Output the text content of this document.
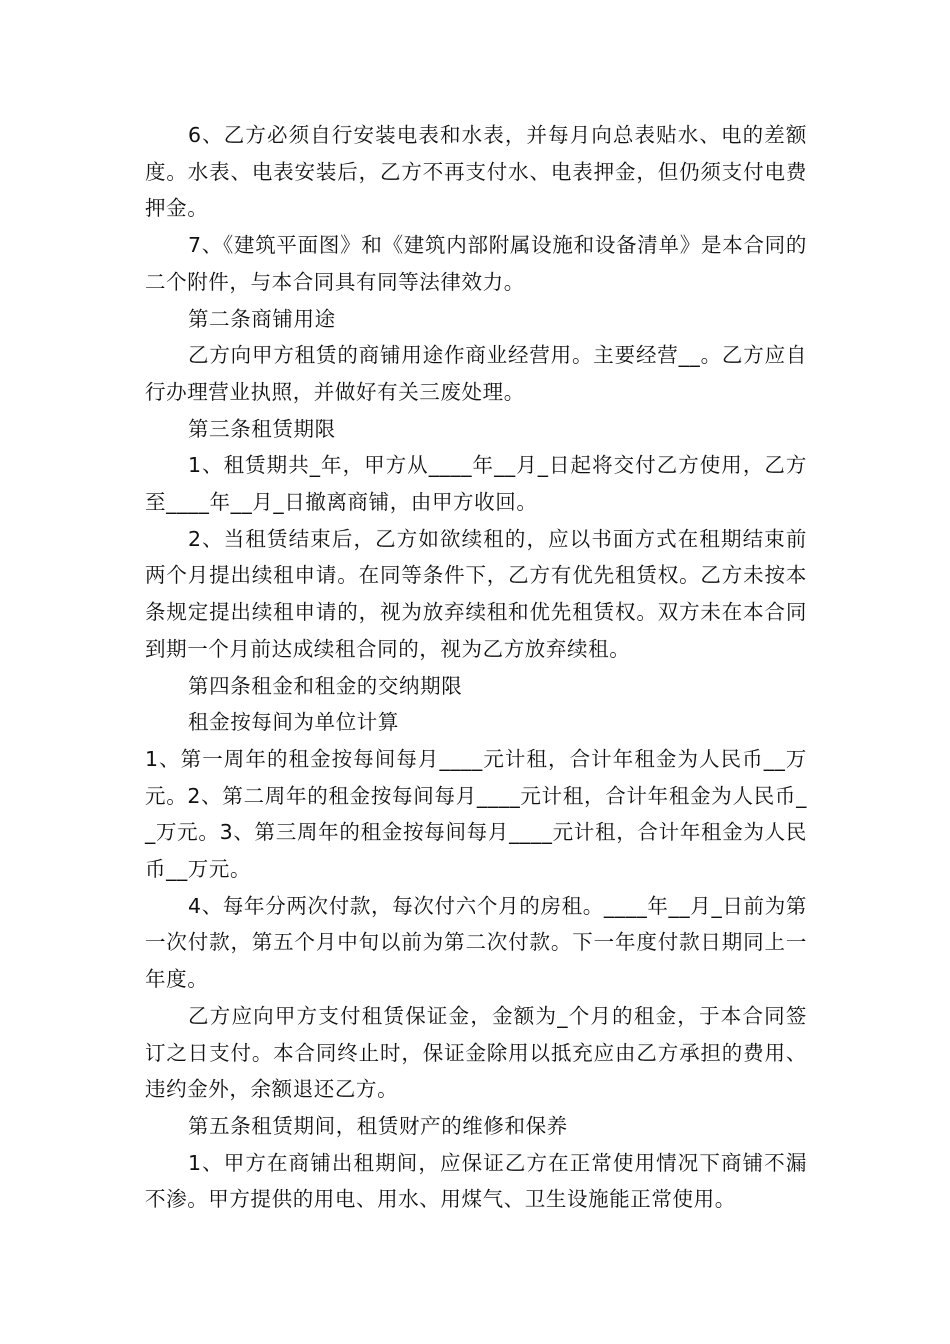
6、乙方必须自行安装电表和水表，并每月向总表贴水、电的差额度。水表、电表安装后，乙方不再支付水、电表押金，但仍须支付电费押金。

7、《建筑平面图》和《建筑内部附属设施和设备清单》是本合同的二个附件，与本合同具有同等法律效力。

第二条商铺用途

乙方向甲方租赁的商铺用途作商业经营用。主要经营__。乙方应自行办理营业执照，并做好有关三废处理。

第三条租赁期限

1、租赁期共_年，甲方从____年__月_日起将交付乙方使用，乙方至____年__月_日撤离商铺，由甲方收回。

2、当租赁结束后，乙方如欲续租的，应以书面方式在租期结束前两个月提出续租申请。在同等条件下，乙方有优先租赁权。乙方未按本条规定提出续租申请的，视为放弃续租和优先租赁权。双方未在本合同到期一个月前达成续租合同的，视为乙方放弃续租。

第四条租金和租金的交纳期限

租金按每间为单位计算

1、第一周年的租金按每间每月____元计租，合计年租金为人民币__万元。2、第二周年的租金按每间每月____元计租，合计年租金为人民币__万元。3、第三周年的租金按每间每月____元计租，合计年租金为人民币__万元。

4、每年分两次付款，每次付六个月的房租。____年__月_日前为第一次付款，第五个月中旬以前为第二次付款。下一年度付款日期同上一年度。

乙方应向甲方支付租赁保证金，金额为_个月的租金，于本合同签订之日支付。本合同终止时，保证金除用以抵充应由乙方承担的费用、违约金外，余额退还乙方。

第五条租赁期间，租赁财产的维修和保养

1、甲方在商铺出租期间，应保证乙方在正常使用情况下商铺不漏不渗。甲方提供的用电、用水、用煤气、卫生设施能正常使用。
